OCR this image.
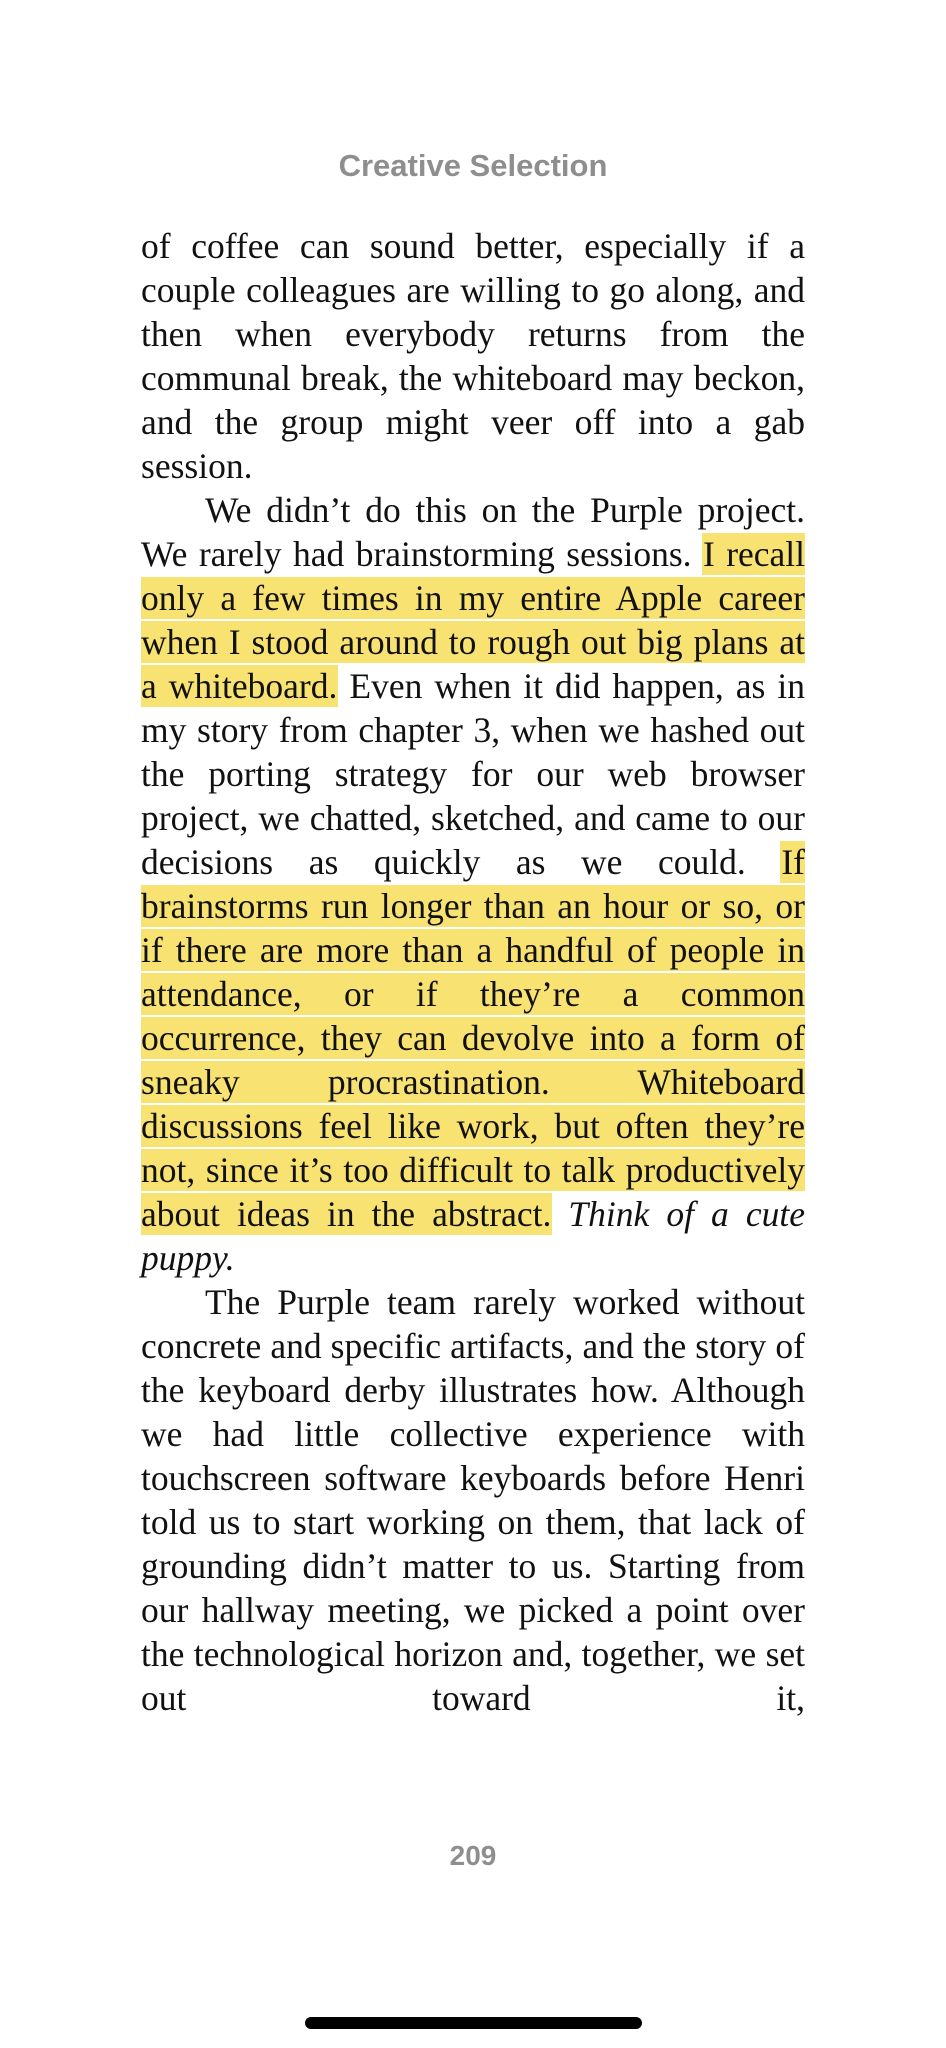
Creative Selection

of coffee can sound better, especially if a couple colleagues are willing to go along, and then when everybody returns from the communal break, the whiteboard may beckon, and the group might veer off into a gab session.

We didn’t do this on the Purple project. We rarely had brainstorming sessions. I recall only a few times in my entire Apple career when I stood around to rough out big plans at a whiteboard. Even when it did happen, as in my story from chapter 3, when we hashed out the porting strategy for our web browser project, we chatted, sketched, and came to our decisions as quickly as we could. If brainstorms run longer than an hour or so, or if there are more than a handful of people in attendance, or if they’re a common occurrence, they can devolve into a form of sneaky procrastination. Whiteboard discussions feel like work, but often they’re not, since it’s too difficult to talk productively about ideas in the abstract. Think of a cute puppy.

The Purple team rarely worked without concrete and specific artifacts, and the story of the keyboard derby illustrates how. Although we had little collective experience with touchscreen software keyboards before Henri told us to start working on them, that lack of grounding didn’t matter to us. Starting from our hallway meeting, we picked a point over the technological horizon and, together, we set out toward it,

209
